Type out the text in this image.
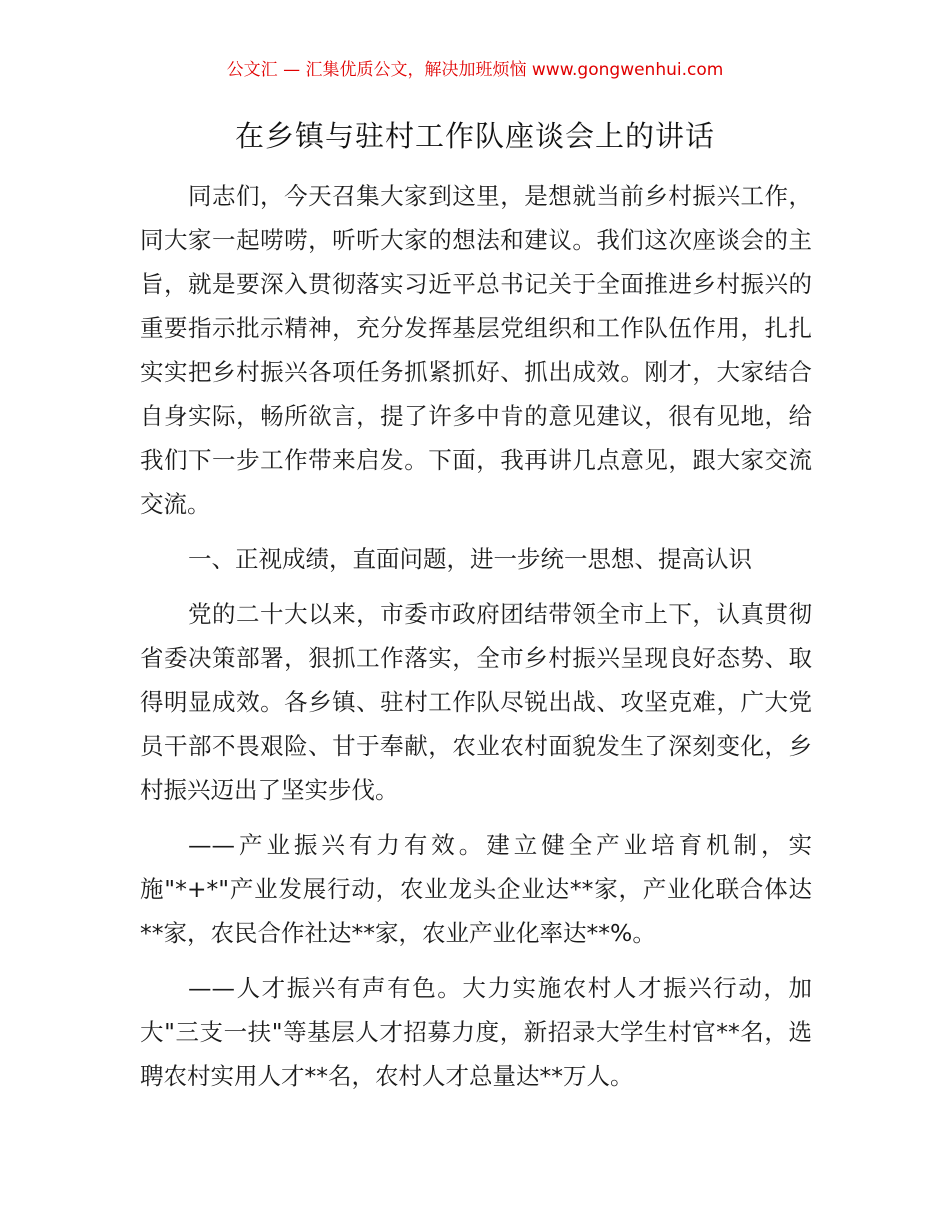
公文汇 — 汇集优质公文，解决加班烦恼 www.gongwenhui.com
在乡镇与驻村工作队座谈会上的讲话

同志们，今天召集大家到这里，是想就当前乡村振兴工作，同大家一起唠唠，听听大家的想法和建议。我们这次座谈会的主旨，就是要深入贯彻落实习近平总书记关于全面推进乡村振兴的重要指示批示精神，充分发挥基层党组织和工作队伍作用，扎扎实实把乡村振兴各项任务抓紧抓好、抓出成效。刚才，大家结合自身实际，畅所欲言，提了许多中肯的意见建议，很有见地，给我们下一步工作带来启发。下面，我再讲几点意见，跟大家交流交流。

一、正视成绩，直面问题，进一步统一思想、提高认识

党的二十大以来，市委市政府团结带领全市上下，认真贯彻省委决策部署，狠抓工作落实，全市乡村振兴呈现良好态势、取得明显成效。各乡镇、驻村工作队尽锐出战、攻坚克难，广大党员干部不畏艰险、甘于奉献，农业农村面貌发生了深刻变化，乡村振兴迈出了坚实步伐。

——产业振兴有力有效。建立健全产业培育机制，实施"*+*"产业发展行动，农业龙头企业达**家，产业化联合体达**家，农民合作社达**家，农业产业化率达**%。

——人才振兴有声有色。大力实施农村人才振兴行动，加大"三支一扶"等基层人才招募力度，新招录大学生村官**名，选聘农村实用人才**名，农村人才总量达**万人。
